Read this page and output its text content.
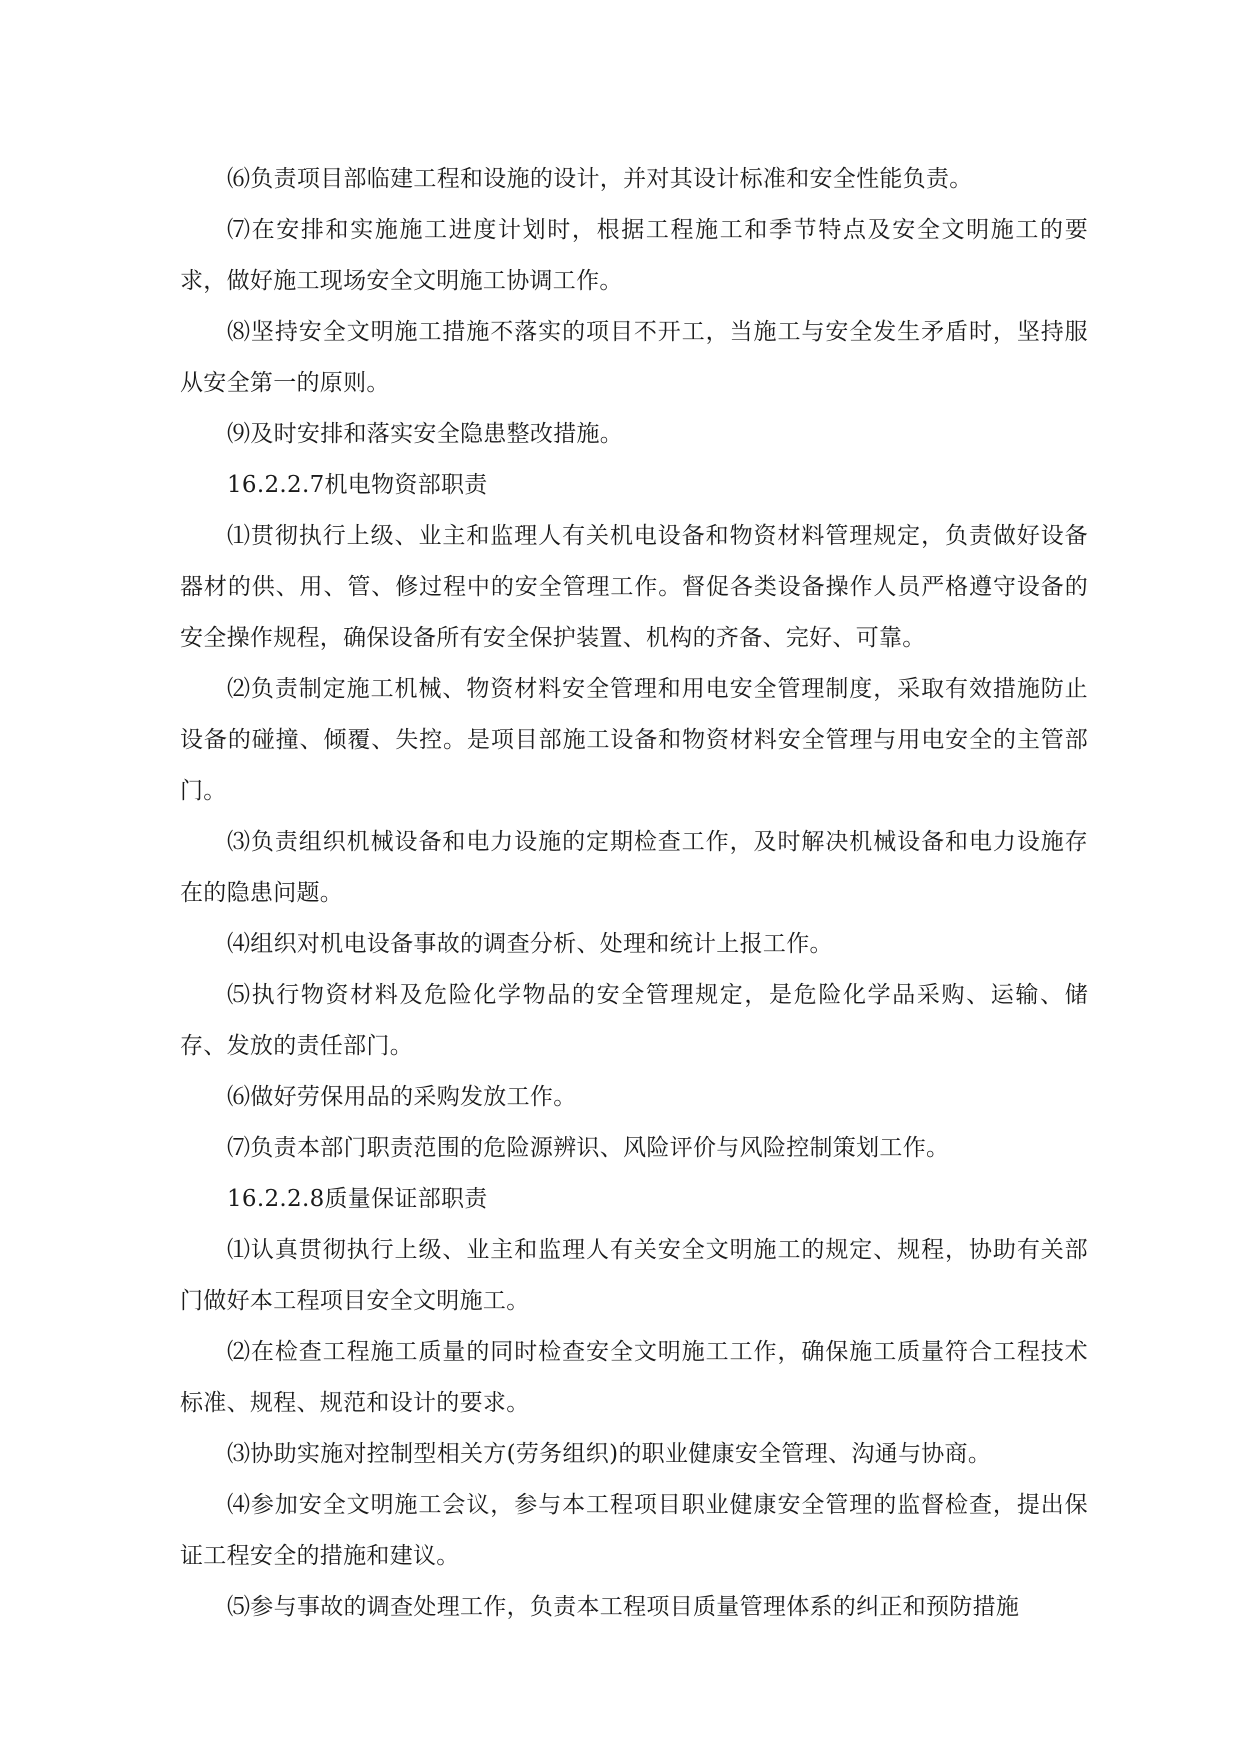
⑹负责项目部临建工程和设施的设计，并对其设计标准和安全性能负责。

⑺在安排和实施施工进度计划时，根据工程施工和季节特点及安全文明施工的要求，做好施工现场安全文明施工协调工作。

⑻坚持安全文明施工措施不落实的项目不开工，当施工与安全发生矛盾时，坚持服从安全第一的原则。

⑼及时安排和落实安全隐患整改措施。

16.2.2.7机电物资部职责

⑴贯彻执行上级、业主和监理人有关机电设备和物资材料管理规定，负责做好设备器材的供、用、管、修过程中的安全管理工作。督促各类设备操作人员严格遵守设备的安全操作规程，确保设备所有安全保护装置、机构的齐备、完好、可靠。

⑵负责制定施工机械、物资材料安全管理和用电安全管理制度，采取有效措施防止设备的碰撞、倾覆、失控。是项目部施工设备和物资材料安全管理与用电安全的主管部门。

⑶负责组织机械设备和电力设施的定期检查工作，及时解决机械设备和电力设施存在的隐患问题。

⑷组织对机电设备事故的调查分析、处理和统计上报工作。

⑸执行物资材料及危险化学物品的安全管理规定，是危险化学品采购、运输、储存、发放的责任部门。

⑹做好劳保用品的采购发放工作。

⑺负责本部门职责范围的危险源辨识、风险评价与风险控制策划工作。

16.2.2.8质量保证部职责

⑴认真贯彻执行上级、业主和监理人有关安全文明施工的规定、规程，协助有关部门做好本工程项目安全文明施工。

⑵在检查工程施工质量的同时检查安全文明施工工作，确保施工质量符合工程技术标准、规程、规范和设计的要求。

⑶协助实施对控制型相关方(劳务组织)的职业健康安全管理、沟通与协商。

⑷参加安全文明施工会议，参与本工程项目职业健康安全管理的监督检查，提出保证工程安全的措施和建议。

⑸参与事故的调查处理工作，负责本工程项目质量管理体系的纠正和预防措施
